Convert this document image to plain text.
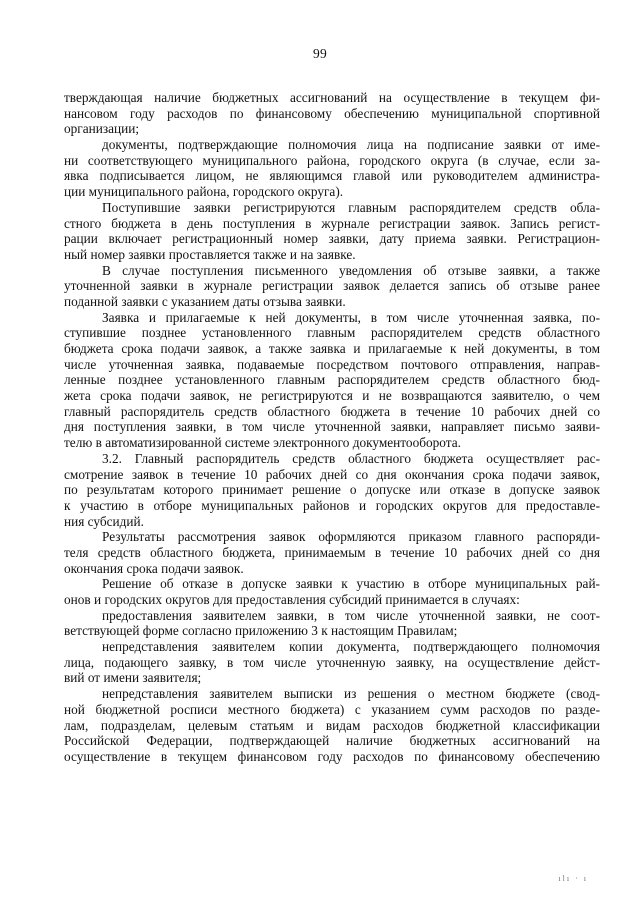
99
тверждающая наличие бюджетных ассигнований на осуществление в текущем фи-
нансовом году расходов по финансовому обеспечению муниципальной спортивной
организации;
документы, подтверждающие полномочия лица на подписание заявки от име-
ни соответствующего муниципального района, городского округа (в случае, если за-
явка подписывается лицом, не являющимся главой или руководителем администра-
ции муниципального района, городского округа).
Поступившие заявки регистрируются главным распорядителем средств обла-
стного бюджета в день поступления в журнале регистрации заявок. Запись регист-
рации включает регистрационный номер заявки, дату приема заявки. Регистрацион-
ный номер заявки проставляется также и на заявке.
В случае поступления письменного уведомления об отзыве заявки, а также
уточненной заявки в журнале регистрации заявок делается запись об отзыве ранее
поданной заявки с указанием даты отзыва заявки.
Заявка и прилагаемые к ней документы, в том числе уточненная заявка, по-
ступившие позднее установленного главным распорядителем средств областного
бюджета срока подачи заявок, а также заявка и прилагаемые к ней документы, в том
числе уточненная заявка, подаваемые посредством почтового отправления, направ-
ленные позднее установленного главным распорядителем средств областного бюд-
жета срока подачи заявок, не регистрируются и не возвращаются заявителю, о чем
главный распорядитель средств областного бюджета в течение 10 рабочих дней со
дня поступления заявки, в том числе уточненной заявки, направляет письмо заяви-
телю в автоматизированной системе электронного документооборота.
3.2. Главный распорядитель средств областного бюджета осуществляет рас-
смотрение заявок в течение 10 рабочих дней со дня окончания срока подачи заявок,
по результатам которого принимает решение о допуске или отказе в допуске заявок
к участию в отборе муниципальных районов и городских округов для предоставле-
ния субсидий.
Результаты рассмотрения заявок оформляются приказом главного распоряди-
теля средств областного бюджета, принимаемым в течение 10 рабочих дней со дня
окончания срока подачи заявок.
Решение об отказе в допуске заявки к участию в отборе муниципальных рай-
онов и городских округов для предоставления субсидий принимается в случаях:
предоставления заявителем заявки, в том числе уточненной заявки, не соот-
ветствующей форме согласно приложению 3 к настоящим Правилам;
непредставления заявителем копии документа, подтверждающего полномочия
лица, подающего заявку, в том числе уточненную заявку, на осуществление дейст-
вий от имени заявителя;
непредставления заявителем выписки из решения о местном бюджете (свод-
ной бюджетной росписи местного бюджета) с указанием сумм расходов по разде-
лам, подразделам, целевым статьям и видам расходов бюджетной классификации
Российской Федерации, подтверждающей наличие бюджетных ассигнований на
осуществление в текущем финансовом году расходов по финансовому обеспечению
ılı · ı
